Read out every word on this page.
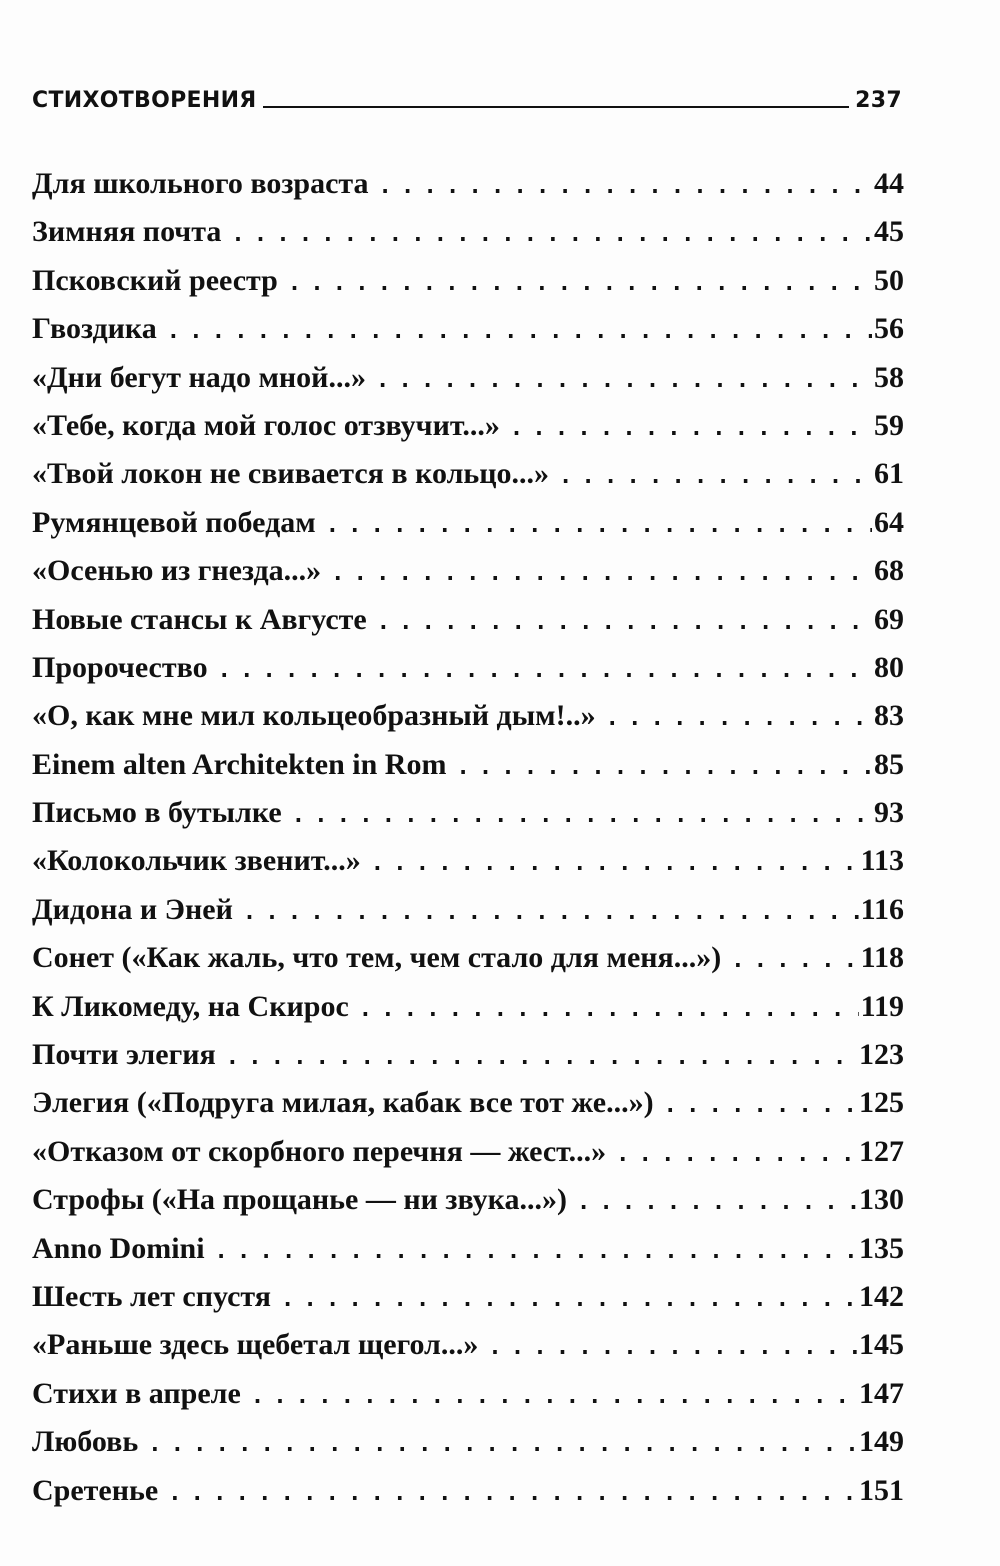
СТИХОТВОРЕНИЯ	237
Для школьного возраста . . .	44
Зимняя почта . . .	45
Псковский реестр . . .	50
Гвоздика . . .	56
«Дни бегут надо мной...» . . .	58
«Тебе, когда мой голос отзвучит...» . . .	59
«Твой локон не свивается в кольцо...» . . .	61
Румянцевой победам . . .	64
«Осенью из гнезда...» . . .	68
Новые стансы к Августе . . .	69
Пророчество . . .	80
«О, как мне мил кольцеобразный дым!..» . . .	83
Einem alten Architekten in Rom . . .	85
Письмо в бутылке . . .	93
«Колокольчик звенит...» . . .	113
Дидона и Эней . . .	116
Сонет («Как жаль, что тем, чем стало для меня...») . . .	118
К Ликомеду, на Скирос . . .	119
Почти элегия . . .	123
Элегия («Подруга милая, кабак все тот же...») . . .	125
«Отказом от скорбного перечня — жест...» . . .	127
Строфы («На прощанье — ни звука...») . . .	130
Anno Domini . . .	135
Шесть лет спустя . . .	142
«Раньше здесь щебетал щегол...» . . .	145
Стихи в апреле . . .	147
Любовь . . .	149
Сретенье . . .	151
